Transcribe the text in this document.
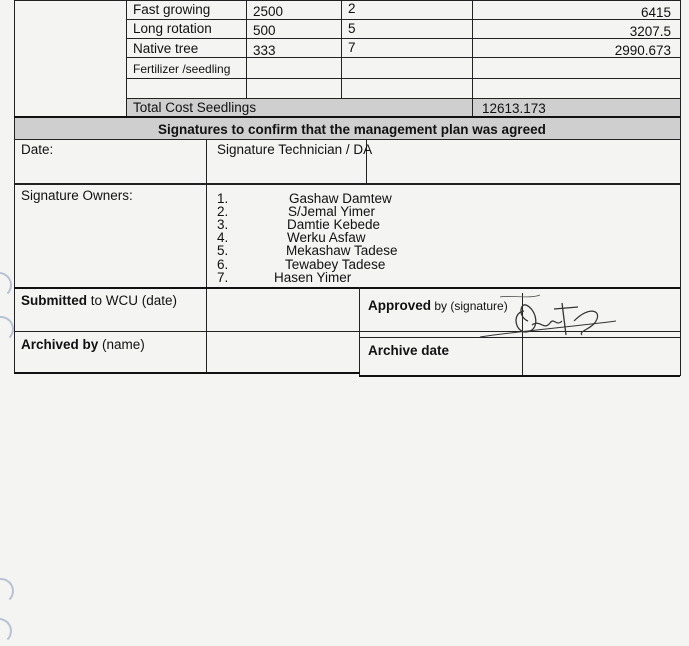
Fast growing	2500	2	6415
Long rotation	500	5	3207.5
Native tree	333	7	2990.673
Fertilizer /seedling
Total Cost Seedlings	12613.173
Signatures to confirm that the management plan was agreed
Date:	Signature Technician / DA
Signature Owners:	1.	Gashaw Damtew
2.	S/Jemal Yimer
3.	Damtie Kebede
4.	Werku Asfaw
5.	Mekashaw Tadese
6.	Tewabey Tadese
7.	Hasen Yimer
Submitted to WCU (date)	Approved by (signature)
Archived by (name)	Archive date
